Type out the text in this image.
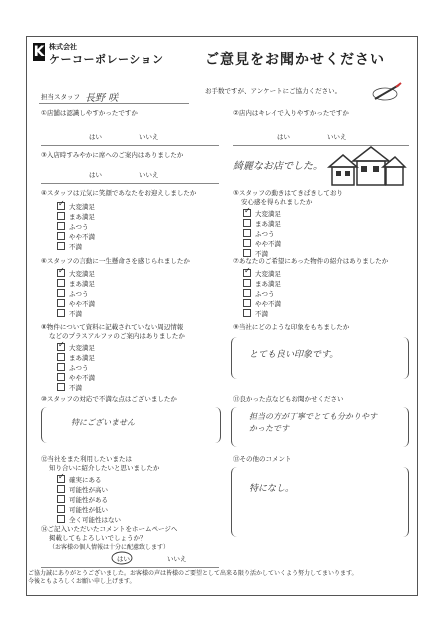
K 株式会社
ケーコーポレーション	ご意見をお聞かせください
担当スタッフ 長野 咲
お手数ですが、アンケートにご協力ください。
①店舗は認識しやすかったですか
はい	いいえ
②店内はキレイで入りやすかったですか
はい	いいえ
綺麗なお店でした。
③入店時すみやかに席へのご案内はありましたか
はい	いいえ
④スタッフは元気に笑顔であなたをお迎えしましたか
✓大変満足
まあ満足
ふつう
やや不満
不満
⑤スタッフの動きはてきぱきしており
安心感を得られましたか
✓大変満足
まあ満足
ふつう
やや不満
不満
⑥スタッフの言動に一生懸命さを感じられましたか
✓大変満足
まあ満足
ふつう
やや不満
不満
⑦あなたのご希望にあった物件の紹介はありましたか
✓大変満足
まあ満足
ふつう
やや不満
不満
⑧物件について資料に記載されていない周辺情報
などのプラスアルファのご案内はありましたか
✓大変満足
まあ満足
ふつう
やや不満
不満
⑨当社にどのような印象をもちましたか
とても良い印象です。
⑩スタッフの対応で不満な点はございましたか
特にございません
⑪良かった点などもお聞かせください
担当の方が丁寧でとても分かりやすかったです
⑫当社をまた利用したいまたは
知り合いに紹介したいと思いましたか
✓確実にある
可能性が高い
可能性がある
可能性が低い
全く可能性はない
⑬その他のコメント
特になし。
⑭ご記入いただいたコメントをホームページへ
掲載してもよろしいでしょうか？
（お客様の個人情報は十分に配慮致します）
はい	いいえ
ご協力誠にありがとうございました。お客様の声は皆様のご要望として出来る限り活かしていくよう努力してまいります。
今後ともよろしくお願い申し上げます。
